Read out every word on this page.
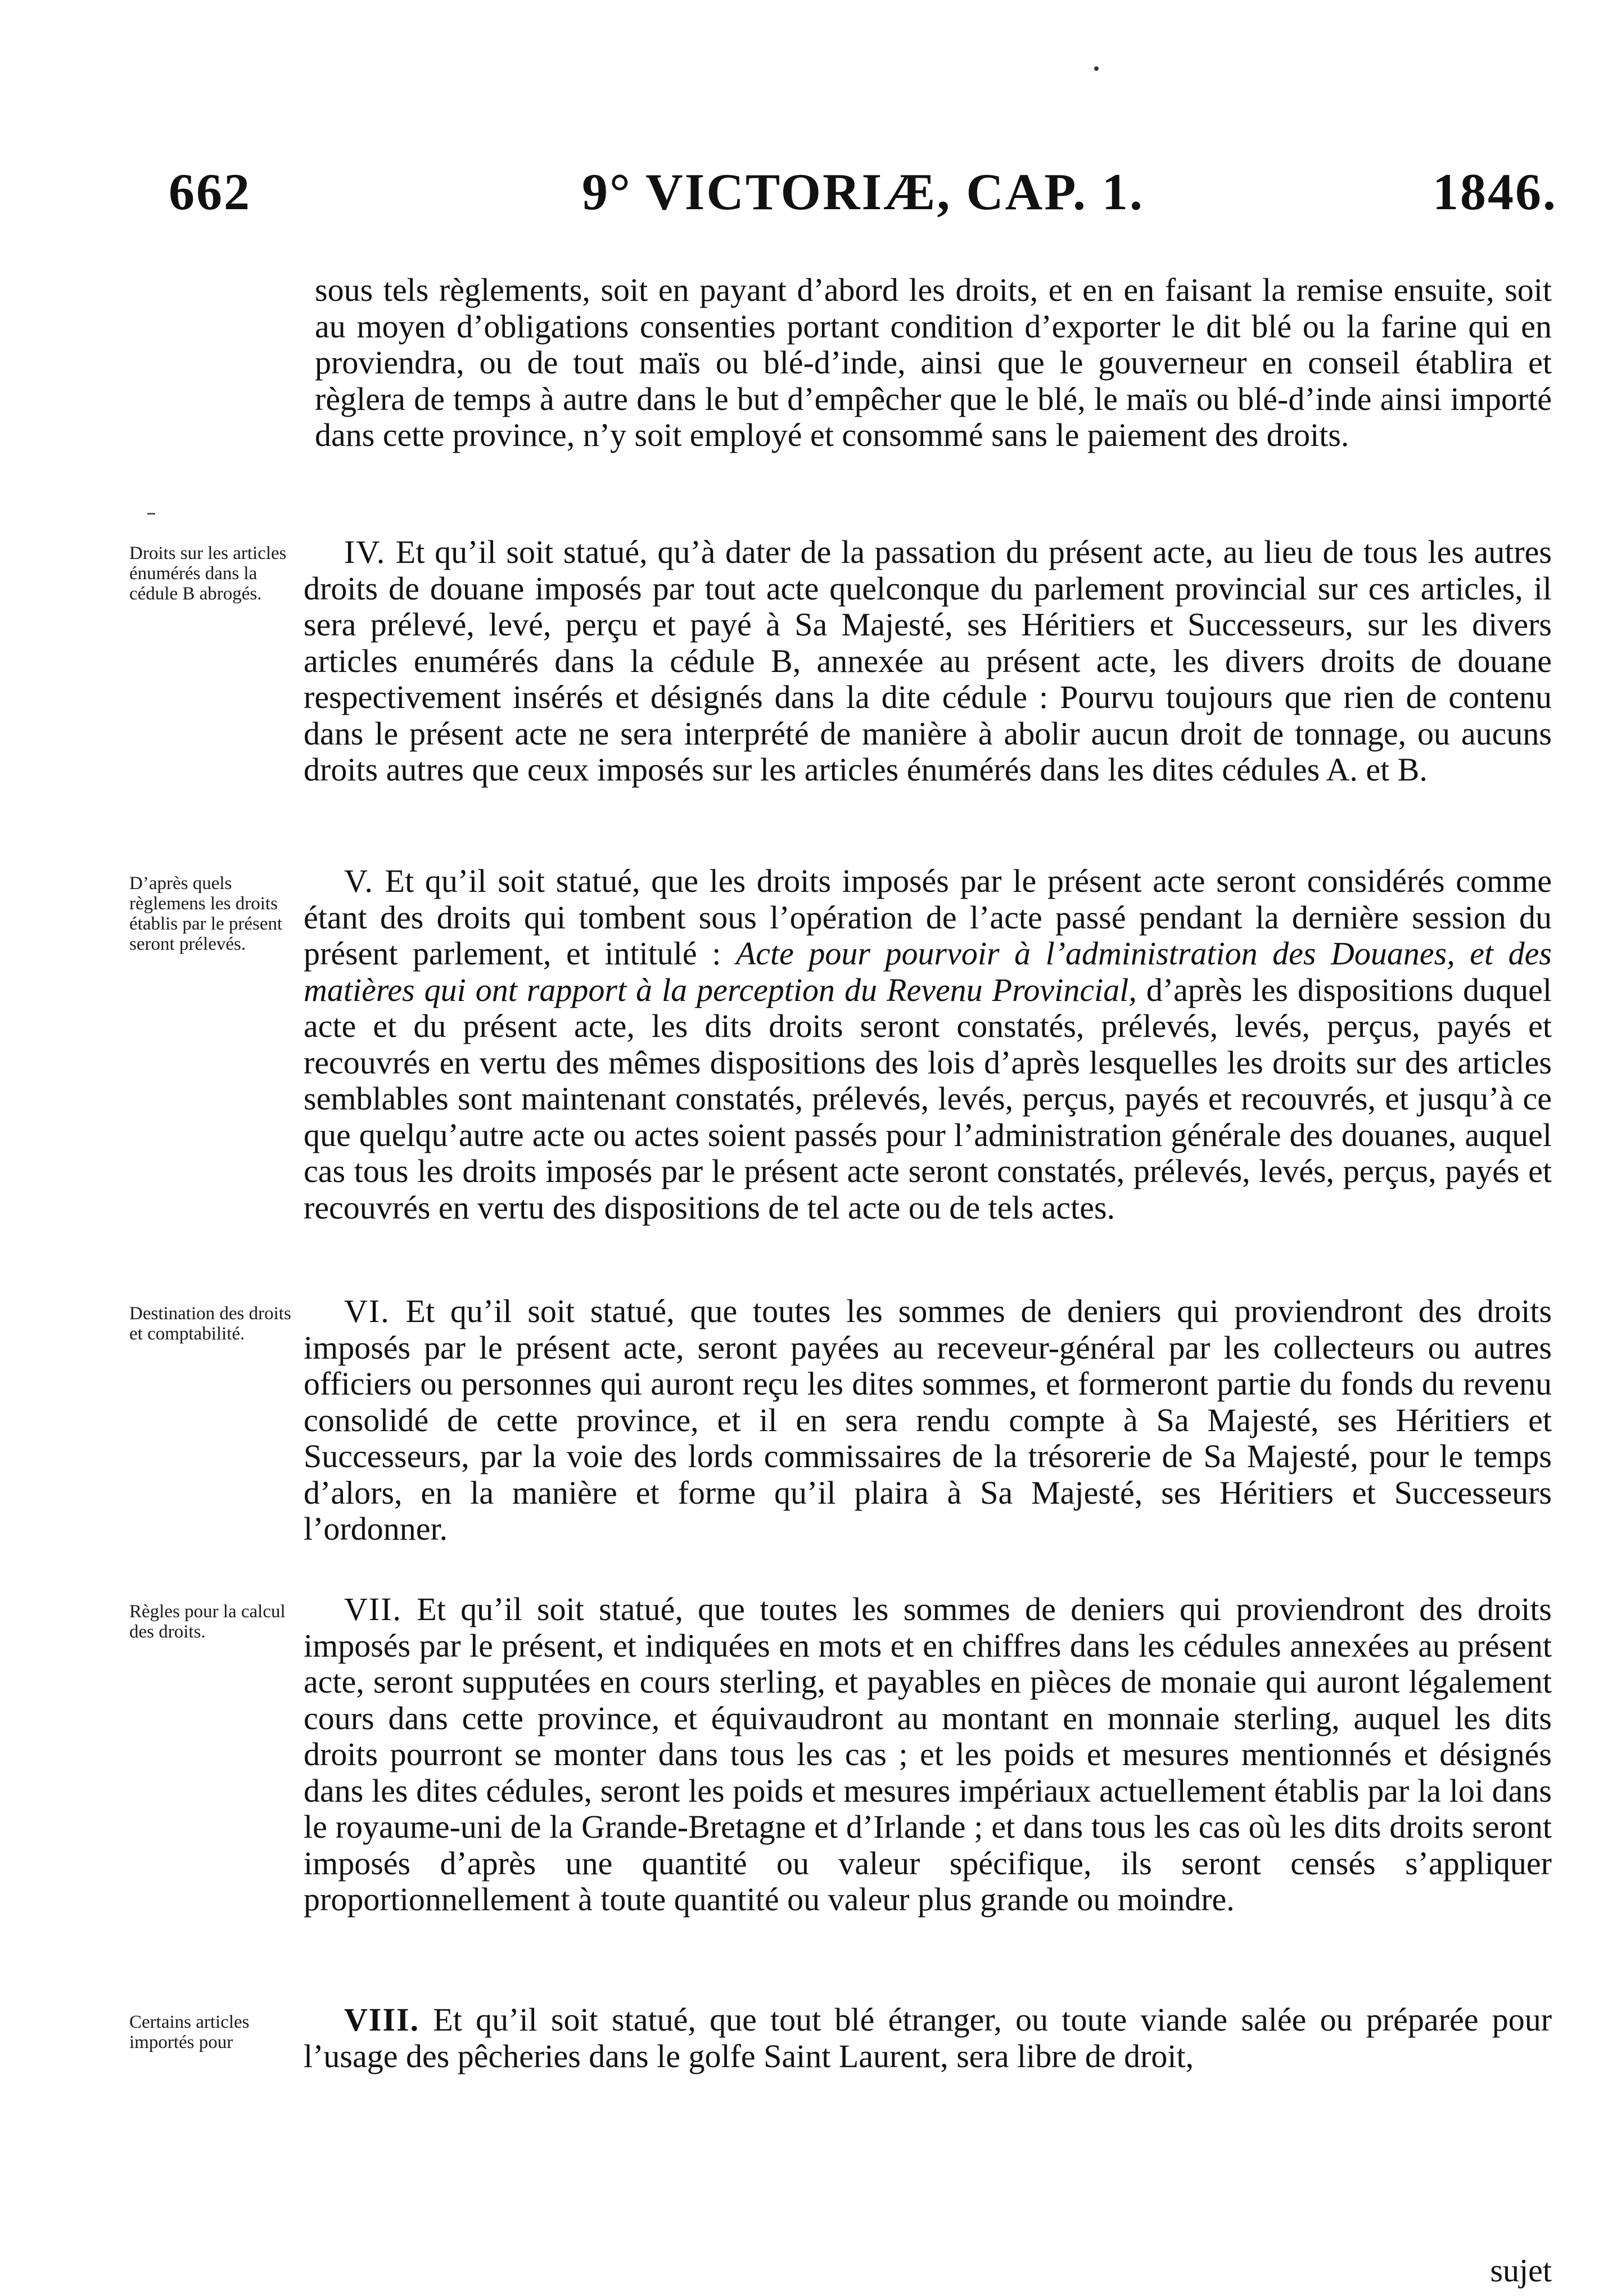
662	9° VICTORIÆ, CAP. 1.	1846.

sous tels règlements, soit en payant d’abord les droits, et en en faisant la remise ensuite, soit au moyen d’obligations consenties portant condition d’exporter le dit blé ou la farine qui en proviendra, ou de tout maïs ou blé-d’inde, ainsi que le gouverneur en conseil établira et règlera de temps à autre dans le but d’empêcher que le blé, le maïs ou blé-d’inde ainsi importé dans cette province, n’y soit employé et consommé sans le paiement des droits.

Droits sur les articles énumérés dans la cédule B abrogés.
IV. Et qu’il soit statué, qu’à dater de la passation du présent acte, au lieu de tous les autres droits de douane imposés par tout acte quelconque du parlement provincial sur ces articles, il sera prélevé, levé, perçu et payé à Sa Majesté, ses Héritiers et Successeurs, sur les divers articles enumérés dans la cédule B, annexée au présent acte, les divers droits de douane respectivement insérés et désignés dans la dite cédule : Pourvu toujours que rien de contenu dans le présent acte ne sera interprété de manière à abolir aucun droit de tonnage, ou aucuns droits autres que ceux imposés sur les articles énumérés dans les dites cédules A. et B.
D’après quels règlemens les droits établis par le présent seront prélevés.
V. Et qu’il soit statué, que les droits imposés par le présent acte seront considérés comme étant des droits qui tombent sous l’opération de l’acte passé pendant la dernière session du présent parlement, et intitulé : Acte pour pourvoir à l’administration des Douanes, et des matières qui ont rapport à la perception du Revenu Provincial, d’après les dispositions duquel acte et du présent acte, les dits droits seront constatés, prélevés, levés, perçus, payés et recouvrés en vertu des mêmes dispositions des lois d’après lesquelles les droits sur des articles semblables sont maintenant constatés, prélevés, levés, perçus, payés et recouvrés, et jusqu’à ce que quelqu’autre acte ou actes soient passés pour l’administration générale des douanes, auquel cas tous les droits imposés par le présent acte seront constatés, prélevés, levés, perçus, payés et recouvrés en vertu des dispositions de tel acte ou de tels actes.
Destination des droits et comptabilité.
VI. Et qu’il soit statué, que toutes les sommes de deniers qui proviendront des droits imposés par le présent acte, seront payées au receveur-général par les collecteurs ou autres officiers ou personnes qui auront reçu les dites sommes, et formeront partie du fonds du revenu consolidé de cette province, et il en sera rendu compte à Sa Majesté, ses Héritiers et Successeurs, par la voie des lords commissaires de la trésorerie de Sa Majesté, pour le temps d’alors, en la manière et forme qu’il plaira à Sa Majesté, ses Héritiers et Successeurs l’ordonner.
Règles pour la calcul des droits.
VII. Et qu’il soit statué, que toutes les sommes de deniers qui proviendront des droits imposés par le présent, et indiquées en mots et en chiffres dans les cédules annexées au présent acte, seront supputées en cours sterling, et payables en pièces de monaie qui auront légalement cours dans cette province, et équivaudront au montant en monnaie sterling, auquel les dits droits pourront se monter dans tous les cas ; et les poids et mesures mentionnés et désignés dans les dites cédules, seront les poids et mesures impériaux actuellement établis par la loi dans le royaume-uni de la Grande-Bretagne et d’Irlande ; et dans tous les cas où les dits droits seront imposés d’après une quantité ou valeur spécifique, ils seront censés s’appliquer proportionnellement à toute quantité ou valeur plus grande ou moindre.
Certains articles importés pour
VIII. Et qu’il soit statué, que tout blé étranger, ou toute viande salée ou préparée pour l’usage des pêcheries dans le golfe Saint Laurent, sera libre de droit,
sujet
